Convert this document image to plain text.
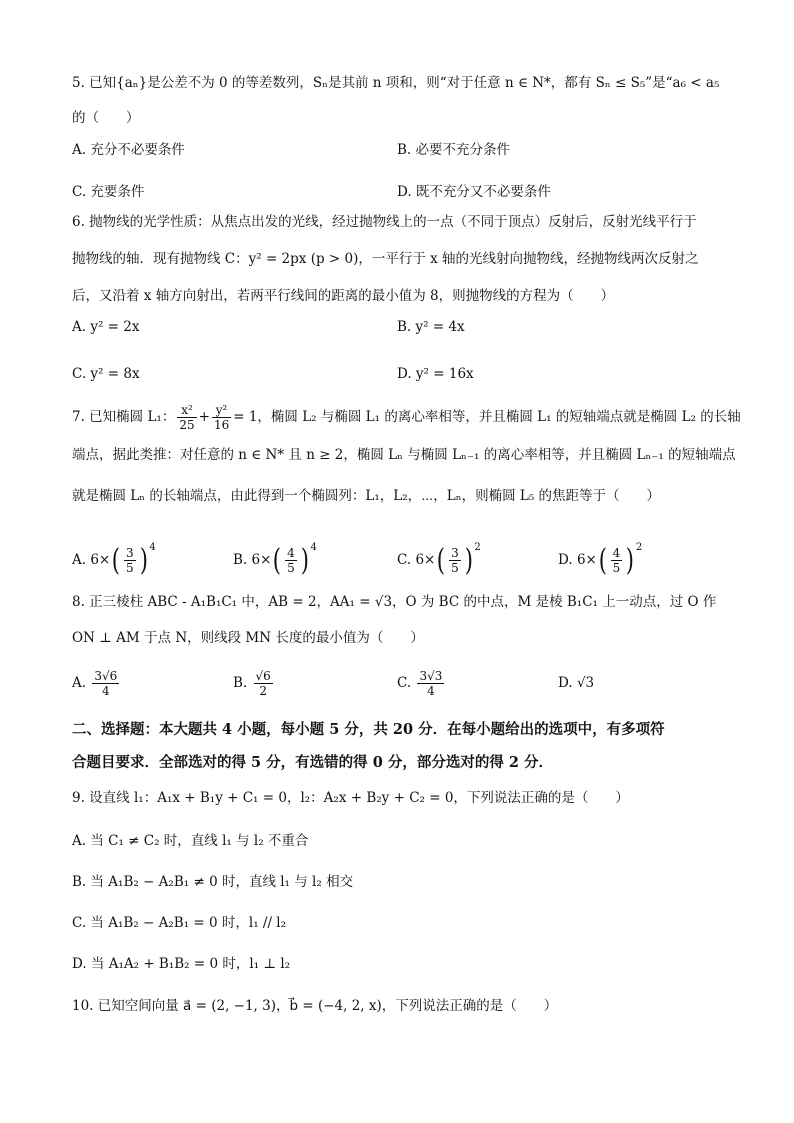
5. 已知{aₙ}是公差不为 0 的等差数列，Sₙ是其前 n 项和，则“对于任意 n ∈ N*，都有 Sₙ ≤ S₅”是“a₆ < a₅
的（　　）
A. 充分不必要条件	B. 必要不充分条件
C. 充要条件	D. 既不充分又不必要条件
6. 抛物线的光学性质：从焦点出发的光线，经过抛物线上的一点（不同于顶点）反射后，反射光线平行于
抛物线的轴．现有抛物线 C：y² = 2px (p > 0)，一平行于 x 轴的光线射向抛物线，经抛物线两次反射之
后，又沿着 x 轴方向射出，若两平行线间的距离的最小值为 8，则抛物线的方程为（　　）
A. y² = 2x	B. y² = 4x
C. y² = 8x	D. y² = 16x
7. 已知椭圆 L₁： $\frac{\text{x²}}{25} + \frac{\text{y²}}{16} = 1$，椭圆 L₂ 与椭圆 L₁ 的离心率相等，并且椭圆 L₁ 的短轴端点就是椭圆 L₂ 的长轴
端点，据此类推：对任意的 n ∈ N* 且 n ≥ 2，椭圆 Lₙ 与椭圆 Lₙ₋₁ 的离心率相等，并且椭圆 Lₙ₋₁ 的短轴端点
就是椭圆 Lₙ 的长轴端点，由此得到一个椭圆列：L₁，L₂，⋯，Lₙ，则椭圆 L₅ 的焦距等于（　　）
A. $6\times( \frac{3}{5}$ ) $^4$
B. $6\times( \frac{4}{5}$ ) $^4$
C. $6\times( \frac{3}{5}$ ) $^2$
D. $6\times( \frac{4}{5}$ ) $^2$
8. 正三棱柱 ABC - A₁B₁C₁ 中，AB = 2，AA₁ = √3，O 为 BC 的中点，M 是棱 B₁C₁ 上一动点，过 O 作
ON ⊥ AM 于点 N，则线段 MN 长度的最小值为（　　）
A. $\frac{3√6}{4}$	B. $\frac{√6}{2}$	C. $\frac{3√3}{4}$	D. √3
二、选择题：本大题共 4 小题，每小题 5 分，共 20 分．在每小题给出的选项中，有多项符
合题目要求．全部选对的得 5 分，有选错的得 0 分，部分选对的得 2 分．
9. 设直线 l₁：A₁x + B₁y + C₁ = 0，l₂：A₂x + B₂y + C₂ = 0，下列说法正确的是（　　）
A. 当 C₁ ≠ C₂ 时，直线 l₁ 与 l₂ 不重合
B. 当 A₁B₂ − A₂B₁ ≠ 0 时，直线 l₁ 与 l₂ 相交
C. 当 A₁B₂ − A₂B₁ = 0 时，l₁ // l₂
D. 当 A₁A₂ + B₁B₂ = 0 时，l₁ ⊥ l₂
10. 已知空间向量 a⃗ = (2, −1, 3)，b⃗ = (−4, 2, x)，下列说法正确的是（　　）
